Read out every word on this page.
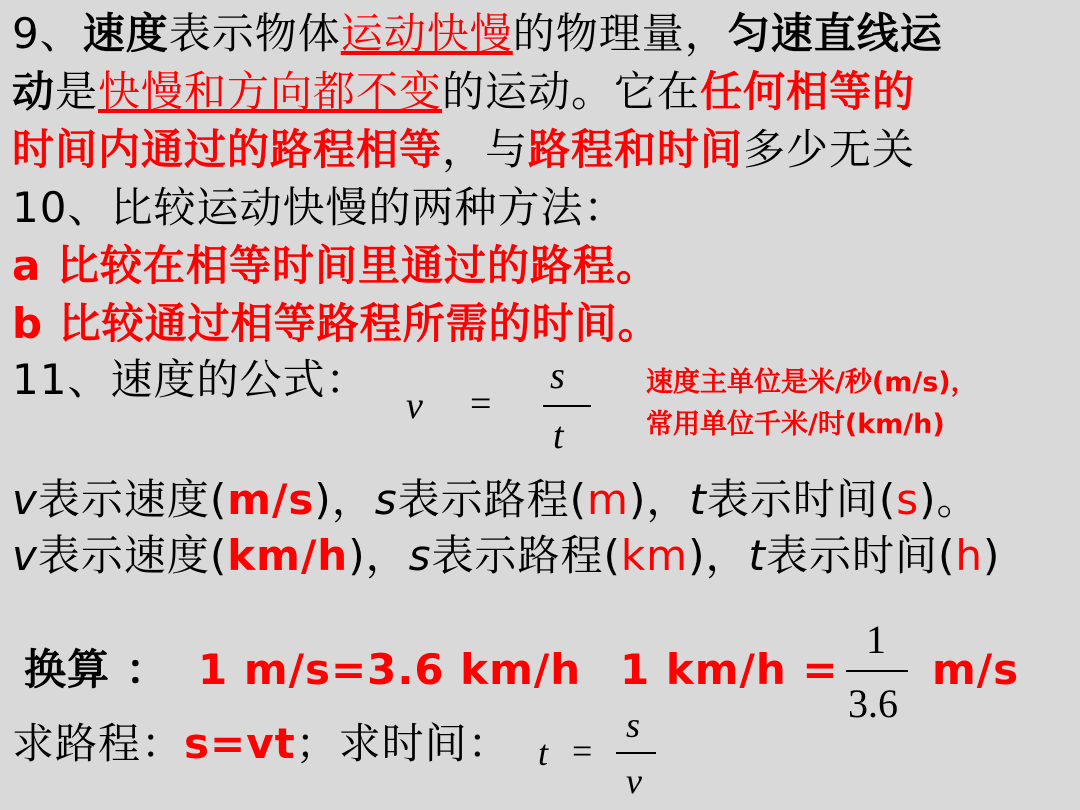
9、速度表示物体运动快慢的物理量，匀速直线运
动是快慢和方向都不变的运动。它在任何相等的
时间内通过的路程相等，与路程和时间多少无关
10、比较运动快慢的两种方法：
a 比较在相等时间里通过的路程。
b 比较通过相等路程所需的时间。
11、速度的公式：
v =
s
t
速度主单位是米/秒(m/s)，
常用单位千米/时(km/h)
v表示速度(m/s)，s表示路程(m)，t表示时间(s)。
v表示速度(km/h)，s表示路程(km)，t表示时间(h)
换算 ： 1 m/s=3.6 km/h 1 km/h =
1
3.6
m/s
求路程：s=vt；求时间： t =
s
v
